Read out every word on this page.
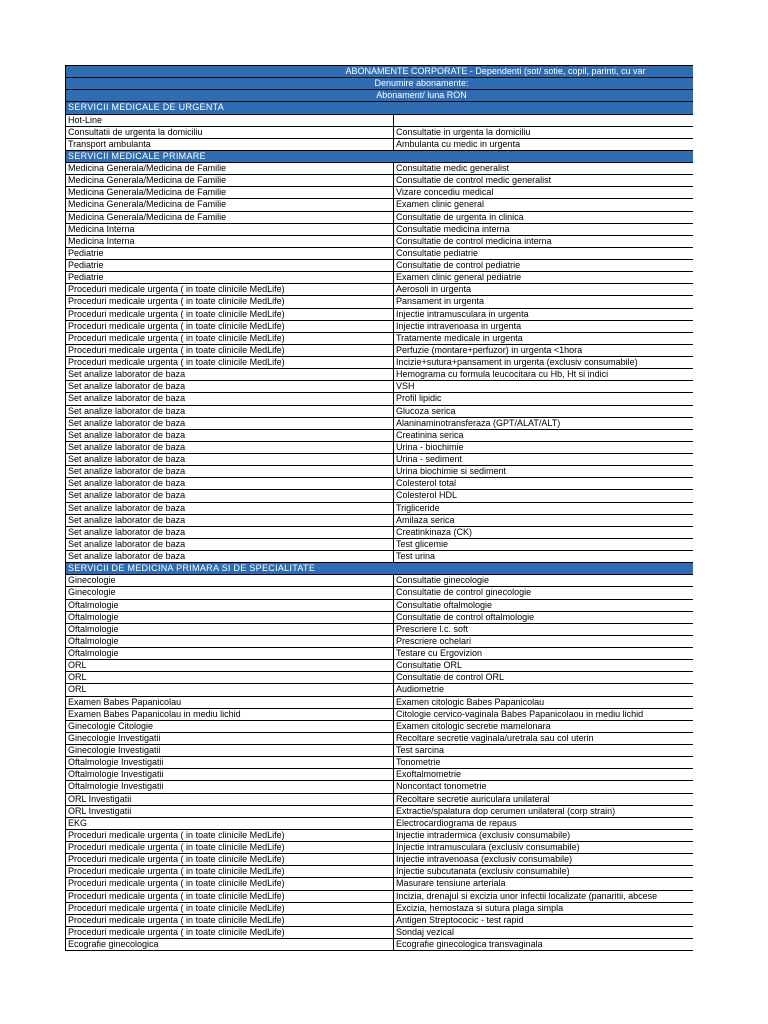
ABONAMENTE CORPORATE - Dependenti (sot/ sotie, copil, parinti, cu var	
Denumire abonamente:	
Abonament/ luna RON	
SERVICII MEDICALE DE URGENTA	
Hot-Line	
Consultatii de urgenta la domiciliu	Consultatie in urgenta la domiciliu
Transport ambulanta	Ambulanta cu medic in urgenta
SERVICII MEDICALE PRIMARE	
Medicina Generala/Medicina de Familie	Consultatie medic generalist
Medicina Generala/Medicina de Familie	Consultatie de control medic generalist
Medicina Generala/Medicina de Familie	Vizare concediu medical
Medicina Generala/Medicina de Familie	Examen clinic general
Medicina Generala/Medicina de Familie	Consultatie de urgenta in clinica
Medicina Interna	Consultatie medicina interna
Medicina Interna	Consultatie de control medicina interna
Pediatrie	Consultatie pediatrie
Pediatrie	Consultatie de control pediatrie
Pediatrie	Examen clinic general pediatrie
Proceduri medicale urgenta ( in toate clinicile MedLife)	Aerosoli in urgenta
Proceduri medicale urgenta ( in toate clinicile MedLife)	Pansament in urgenta
Proceduri medicale urgenta ( in toate clinicile MedLife)	Injectie intramusculara in urgenta
Proceduri medicale urgenta ( in toate clinicile MedLife)	Injectie intravenoasa in urgenta
Proceduri medicale urgenta ( in toate clinicile MedLife)	Tratamente medicale in urgenta
Proceduri medicale urgenta ( in toate clinicile MedLife)	Perfuzie (montare+perfuzor) in urgenta <1hora
Proceduri medicale urgenta ( in toate clinicile MedLife)	Incizie+sutura+pansament in urgenta (exclusiv consumabile)
Set analize laborator de baza	Hemograma cu formula leucocitara cu Hb, Ht si indici
Set analize laborator de baza	VSH
Set analize laborator de baza	Profil lipidic
Set analize laborator de baza	Glucoza serica
Set analize laborator de baza	Alaninaminotransferaza (GPT/ALAT/ALT)
Set analize laborator de baza	Creatinina serica
Set analize laborator de baza	Urina - biochimie
Set analize laborator de baza	Urina - sediment
Set analize laborator de baza	Urina biochimie si sediment
Set analize laborator de baza	Colesterol total
Set analize laborator de baza	Colesterol HDL
Set analize laborator de baza	Trigliceride
Set analize laborator de baza	Amilaza serica
Set analize laborator de baza	Creatinkinaza (CK)
Set analize laborator de baza	Test glicemie
Set analize laborator de baza	Test urina
SERVICII DE MEDICINA PRIMARA SI DE SPECIALITATE	
Ginecologie	Consultatie ginecologie
Ginecologie	Consultatie de control ginecologie
Oftalmologie	Consultatie oftalmologie
Oftalmologie	Consultatie de control oftalmologie
Oftalmologie	Prescriere l.c. soft
Oftalmologie	Prescriere ochelari
Oftalmologie	Testare cu Ergovizion
ORL	Consultatie ORL
ORL	Consultatie de control ORL
ORL	Audiometrie
Examen Babes Papanicolau	Examen citologic Babes Papanicolau
Examen Babes Papanicolau in mediu lichid	Citologie cervico-vaginala Babes Papanicolaou in mediu lichid
Ginecologie Citologie	Examen citologic secretie mamelonara
Ginecologie Investigatii	Recoltare secretie vaginala/uretrala sau col uterin
Ginecologie Investigatii	Test sarcina
Oftalmologie Investigatii	Tonometrie
Oftalmologie Investigatii	Exoftalmometrie
Oftalmologie Investigatii	Noncontact tonometrie
ORL Investigatii	Recoltare secretie auriculara unilateral
ORL Investigatii	Extractie/spalatura dop cerumen unilateral (corp strain)
EKG	Electrocardiograma de repaus
Proceduri medicale urgenta ( in toate clinicile MedLife)	Injectie intradermica (exclusiv consumabile)
Proceduri medicale urgenta ( in toate clinicile MedLife)	Injectie intramusculara (exclusiv consumabile)
Proceduri medicale urgenta ( in toate clinicile MedLife)	Injectie intravenoasa (exclusiv consumabile)
Proceduri medicale urgenta ( in toate clinicile MedLife)	Injectie subcutanata (exclusiv consumabile)
Proceduri medicale urgenta ( in toate clinicile MedLife)	Masurare tensiune arteriala
Proceduri medicale urgenta ( in toate clinicile MedLife)	Incizia, drenajul si excizia unor infectii localizate (panaritii, abcese
Proceduri medicale urgenta ( in toate clinicile MedLife)	Excizia, hemostaza si sutura plaga simpla
Proceduri medicale urgenta ( in toate clinicile MedLife)	Antigen Streptococic - test rapid
Proceduri medicale urgenta ( in toate clinicile MedLife)	Sondaj vezical
Ecografie ginecologica	Ecografie ginecologica transvaginala
